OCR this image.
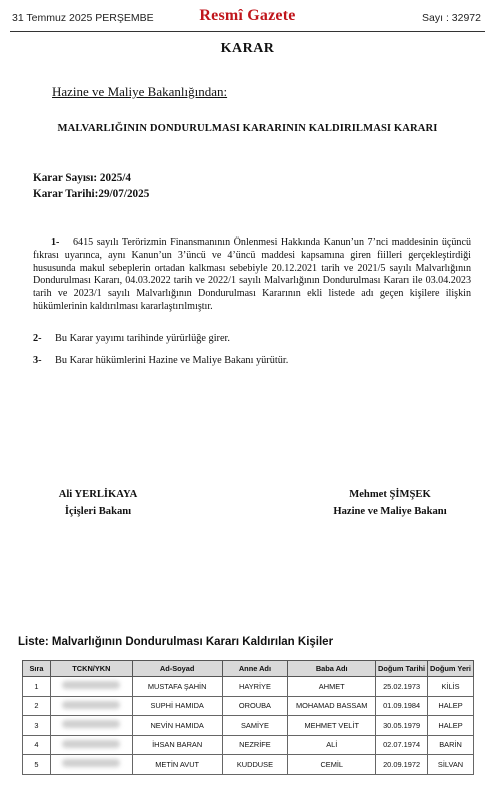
31 Temmuz 2025 PERŞEMBE	Resmî Gazete	Sayı : 32972
KARAR
Hazine ve Maliye Bakanlığından:
MALVARLIĞININ DONDURULMASI KARARININ KALDIRILMASI KARARI
Karar Sayısı: 2025/4
Karar Tarihi:29/07/2025
1- 6415 sayılı Terörizmin Finansmanının Önlenmesi Hakkında Kanun’un 7’nci maddesinin üçüncü fıkrası uyarınca, aynı Kanun’un 3’üncü ve 4’üncü maddesi kapsamına giren fiilleri gerçekleştirdiği hususunda makul sebeplerin ortadan kalkması sebebiyle 20.12.2021 tarih ve 2021/5 sayılı Malvarlığının Dondurulması Kararı, 04.03.2022 tarih ve 2022/1 sayılı Malvarlığının Dondurulması Kararı ile 03.04.2023 tarih ve 2023/1 sayılı Malvarlığının Dondurulması Kararının ekli listede adı geçen kişilere ilişkin hükümlerinin kaldırılması kararlaştırılmıştır.
2- Bu Karar yayımı tarihinde yürürlüğe girer.
3- Bu Karar hükümlerini Hazine ve Maliye Bakanı yürütür.
Ali YERLİKAYA
İçişleri Bakanı
Mehmet ŞİMŞEK
Hazine ve Maliye Bakanı
Liste: Malvarlığının Dondurulması Kararı Kaldırılan Kişiler
Sıra	TCKN/YKN	Ad-Soyad	Anne Adı	Baba Adı	Doğum Tarihi	Doğum Yeri
1		MUSTAFA ŞAHİN	HAYRİYE	AHMET	25.02.1973	KİLİS
2		SUPHİ HAMIDA	OROUBA	MOHAMAD BASSAM	01.09.1984	HALEP
3		NEVİN HAMIDA	SAMİYE	MEHMET VELİT	30.05.1979	HALEP
4		İHSAN BARAN	NEZRİFE	ALİ	02.07.1974	BARİN
5		METİN AVUT	KUDDUSE	CEMİL	20.09.1972	SİLVAN
